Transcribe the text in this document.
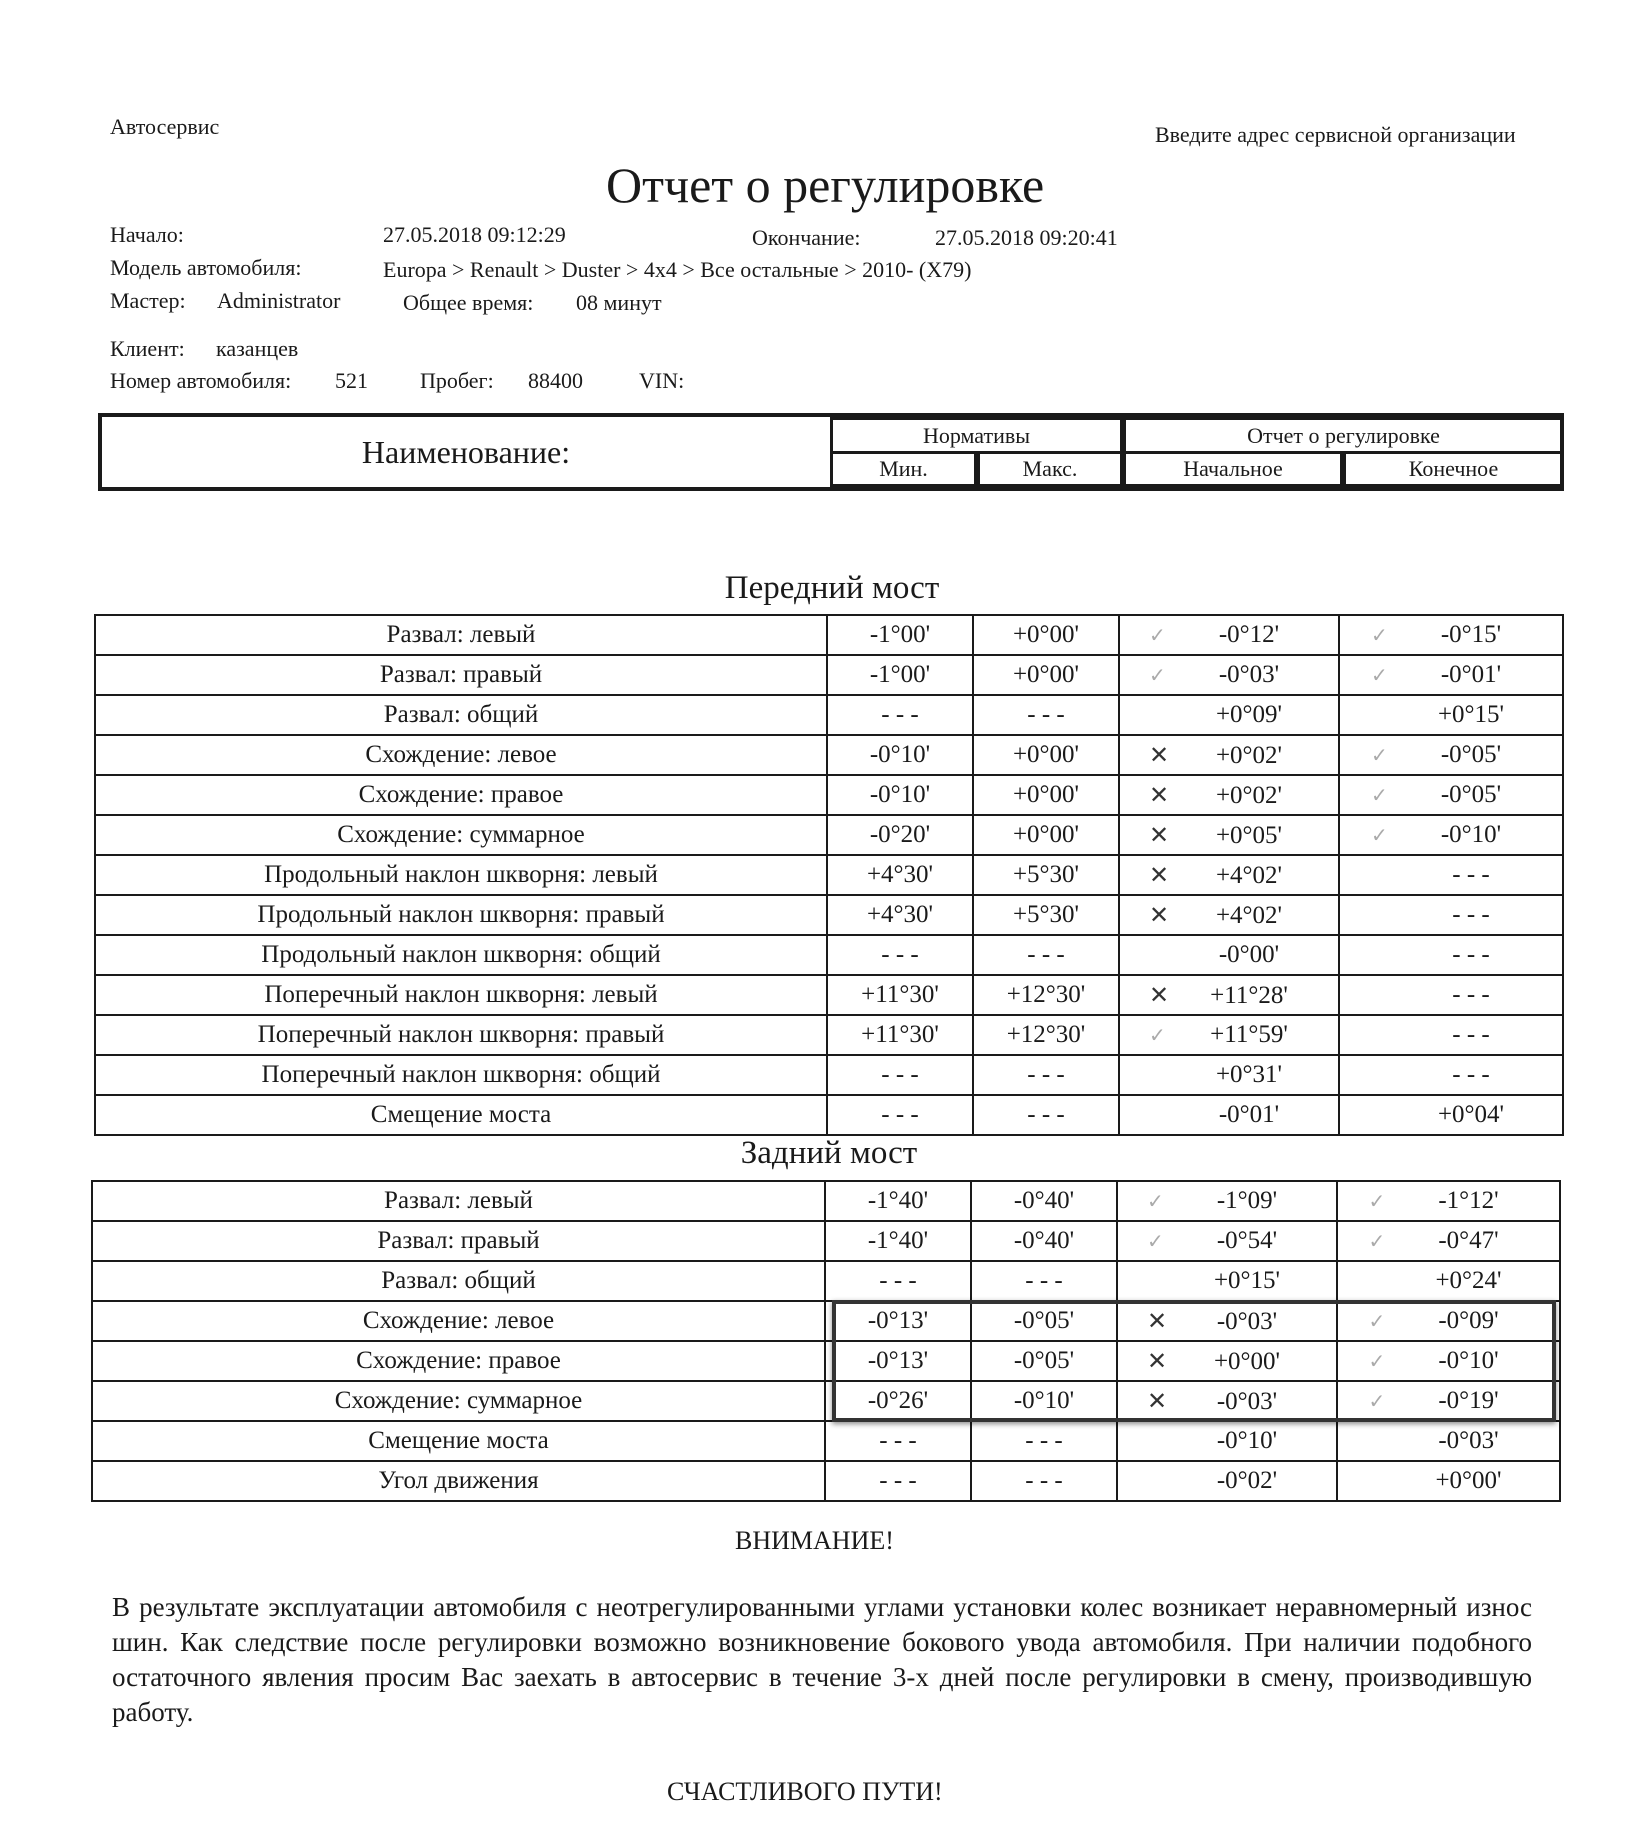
Автосервис	Введите адрес сервисной организации
Отчет о регулировке
Начало:	27.05.2018 09:12:29	Окончание:	27.05.2018 09:20:41
Модель автомобиля:	Europa > Renault > Duster > 4x4 > Все остальные > 2010- (X79)
Мастер: Administrator	Общее время: 08 минут
Клиент: казанцев
Номер автомобиля: 521 Пробег: 88400	VIN:
Наименование:	Нормативы	Отчет о регулировке
Мин.	Макс.	Начальное	Конечное
Передний мост
Развал: левый	-1°00'	+0°00'	✓ -0°12'	✓ -0°15'
Развал: правый	-1°00'	+0°00'	✓ -0°03'	✓ -0°01'
Развал: общий	- - -	- - -	+0°09'	+0°15'
Схождение: левое	-0°10'	+0°00'	✕ +0°02'	✓ -0°05'
Схождение: правое	-0°10'	+0°00'	✕ +0°02'	✓ -0°05'
Схождение: суммарное	-0°20'	+0°00'	✕ +0°05'	✓ -0°10'
Продольный наклон шкворня: левый	+4°30'	+5°30'	✕ +4°02'	- - -
Продольный наклон шкворня: правый	+4°30'	+5°30'	✕ +4°02'	- - -
Продольный наклон шкворня: общий	- - -	- - -	-0°00'	- - -
Поперечный наклон шкворня: левый	+11°30'	+12°30'	✕ +11°28'	- - -
Поперечный наклон шкворня: правый	+11°30'	+12°30'	✓ +11°59'	- - -
Поперечный наклон шкворня: общий	- - -	- - -	+0°31'	- - -
Смещение моста	- - -	- - -	-0°01'	+0°04'
Задний мост
Развал: левый	-1°40'	-0°40'	✓ -1°09'	✓ -1°12'
Развал: правый	-1°40'	-0°40'	✓ -0°54'	✓ -0°47'
Развал: общий	- - -	- - -	+0°15'	+0°24'
Схождение: левое	-0°13'	-0°05'	✕ -0°03'	✓ -0°09'
Схождение: правое	-0°13'	-0°05'	✕ +0°00'	✓ -0°10'
Схождение: суммарное	-0°26'	-0°10'	✕ -0°03'	✓ -0°19'
Смещение моста	- - -	- - -	-0°10'	-0°03'
Угол движения	- - -	- - -	-0°02'	+0°00'
ВНИМАНИЕ!
В результате эксплуатации автомобиля с неотрегулированными углами установки колес возникает неравномерный износ шин. Как следствие после регулировки возможно возникновение бокового увода автомобиля. При наличии подобного остаточного явления просим Вас заехать в автосервис в течение 3-х дней после регулировки в смену, производившую работу.
СЧАСТЛИВОГО ПУТИ!
